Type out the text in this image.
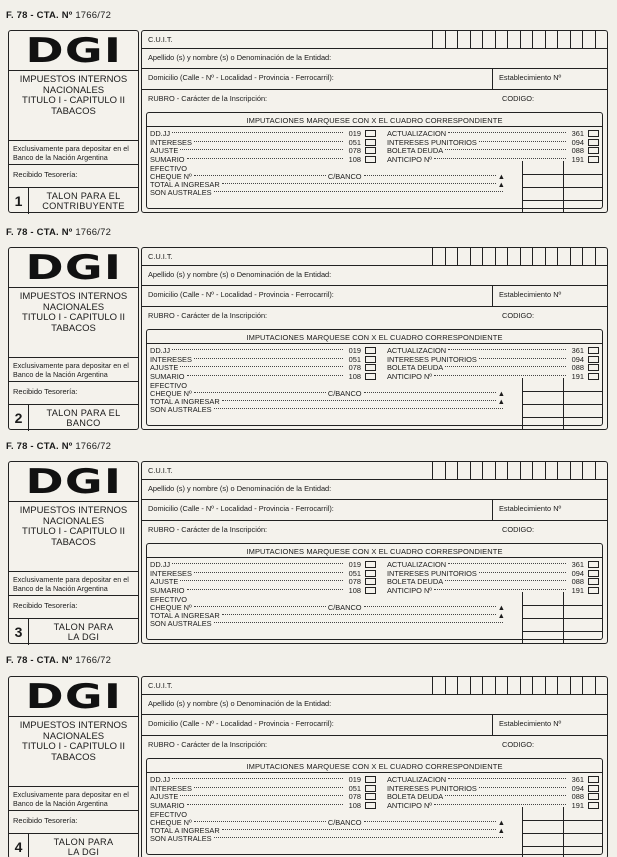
F. 78 - CTA. Nº 1766/72
DGI
IMPUESTOS INTERNOS
NACIONALES
TITULO I - CAPITULO II
TABACOS
Exclusivamente para depositar en el Banco de la Nación Argentina
Recibido Tesorería:
1	TALON PARA EL
CONTRIBUYENTE
C.U.I.T.
Apellido (s) y nombre (s) o Denominación de la Entidad:
Domicilio (Calle - Nº - Localidad - Provincia - Ferrocarril):	Establecimiento Nº
RUBRO - Carácter de la Inscripción:	CODIGO:
IMPUTACIONES MARQUESE CON X EL CUADRO CORRESPONDIENTE
DD.JJ	019
INTERESES	051
AJUSTE	078
SUMARIO	108
ACTUALIZACION	361
INTERESES PUNITORIOS	094
BOLETA DEUDA	088
ANTICIPO Nº	191
EFECTIVO
CHEQUE Nº	C/BANCO	▲
TOTAL A INGRESAR	▲
SON AUSTRALES
F. 78 - CTA. Nº 1766/72
DGI
IMPUESTOS INTERNOS
NACIONALES
TITULO I - CAPITULO II
TABACOS
Exclusivamente para depositar en el Banco de la Nación Argentina
Recibido Tesorería:
2	TALON PARA EL
BANCO
C.U.I.T.
Apellido (s) y nombre (s) o Denominación de la Entidad:
Domicilio (Calle - Nº - Localidad - Provincia - Ferrocarril):	Establecimiento Nº
RUBRO - Carácter de la Inscripción:	CODIGO:
IMPUTACIONES MARQUESE CON X EL CUADRO CORRESPONDIENTE
DD.JJ	019
INTERESES	051
AJUSTE	078
SUMARIO	108
ACTUALIZACION	361
INTERESES PUNITORIOS	094
BOLETA DEUDA	088
ANTICIPO Nº	191
EFECTIVO
CHEQUE Nº	C/BANCO	▲
TOTAL A INGRESAR	▲
SON AUSTRALES
F. 78 - CTA. Nº 1766/72
DGI
IMPUESTOS INTERNOS
NACIONALES
TITULO I - CAPITULO II
TABACOS
Exclusivamente para depositar en el Banco de la Nación Argentina
Recibido Tesorería:
3	TALON PARA
LA DGI
C.U.I.T.
Apellido (s) y nombre (s) o Denominación de la Entidad:
Domicilio (Calle - Nº - Localidad - Provincia - Ferrocarril):	Establecimiento Nº
RUBRO - Carácter de la Inscripción:	CODIGO:
IMPUTACIONES MARQUESE CON X EL CUADRO CORRESPONDIENTE
DD.JJ	019
INTERESES	051
AJUSTE	078
SUMARIO	108
ACTUALIZACION	361
INTERESES PUNITORIOS	094
BOLETA DEUDA	088
ANTICIPO Nº	191
EFECTIVO
CHEQUE Nº	C/BANCO	▲
TOTAL A INGRESAR	▲
SON AUSTRALES
F. 78 - CTA. Nº 1766/72
DGI
IMPUESTOS INTERNOS
NACIONALES
TITULO I - CAPITULO II
TABACOS
Exclusivamente para depositar en el Banco de la Nación Argentina
Recibido Tesorería:
4	TALON PARA
LA DGI
C.U.I.T.
Apellido (s) y nombre (s) o Denominación de la Entidad:
Domicilio (Calle - Nº - Localidad - Provincia - Ferrocarril):	Establecimiento Nº
RUBRO - Carácter de la Inscripción:	CODIGO:
IMPUTACIONES MARQUESE CON X EL CUADRO CORRESPONDIENTE
DD.JJ	019
INTERESES	051
AJUSTE	078
SUMARIO	108
ACTUALIZACION	361
INTERESES PUNITORIOS	094
BOLETA DEUDA	088
ANTICIPO Nº	191
EFECTIVO
CHEQUE Nº	C/BANCO	▲
TOTAL A INGRESAR	▲
SON AUSTRALES
